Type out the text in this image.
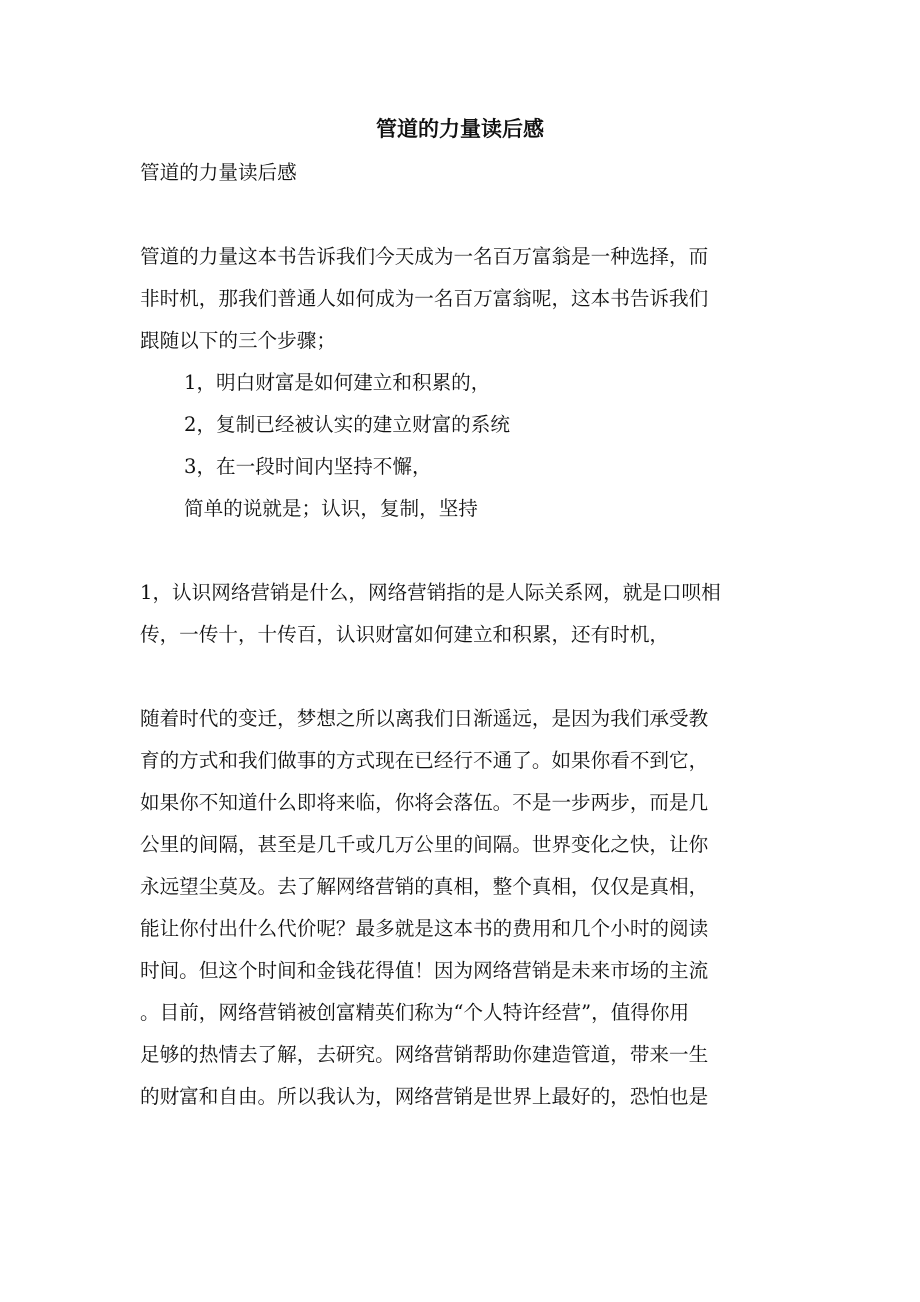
管道的力量读后感
管道的力量读后感
管道的力量这本书告诉我们今天成为一名百万富翁是一种选择，而
非时机，那我们普通人如何成为一名百万富翁呢，这本书告诉我们
跟随以下的三个步骤；
1，明白财富是如何建立和积累的，
2，复制已经被认实的建立财富的系统
3，在一段时间内坚持不懈，
简单的说就是；认识，复制，坚持
1，认识网络营销是什么，网络营销指的是人际关系网，就是口呗相
传，一传十，十传百，认识财富如何建立和积累，还有时机，
随着时代的变迁，梦想之所以离我们日渐遥远，是因为我们承受教
育的方式和我们做事的方式现在已经行不通了。如果你看不到它，
如果你不知道什么即将来临，你将会落伍。不是一步两步，而是几
公里的间隔，甚至是几千或几万公里的间隔。世界变化之快，让你
永远望尘莫及。去了解网络营销的真相，整个真相，仅仅是真相，
能让你付出什么代价呢？最多就是这本书的费用和几个小时的阅读
时间。但这个时间和金钱花得值！因为网络营销是未来市场的主流
。目前，网络营销被创富精英们称为“个人特许经营”，值得你用
足够的热情去了解，去研究。网络营销帮助你建造管道，带来一生
的财富和自由。所以我认为，网络营销是世界上最好的，恐怕也是
